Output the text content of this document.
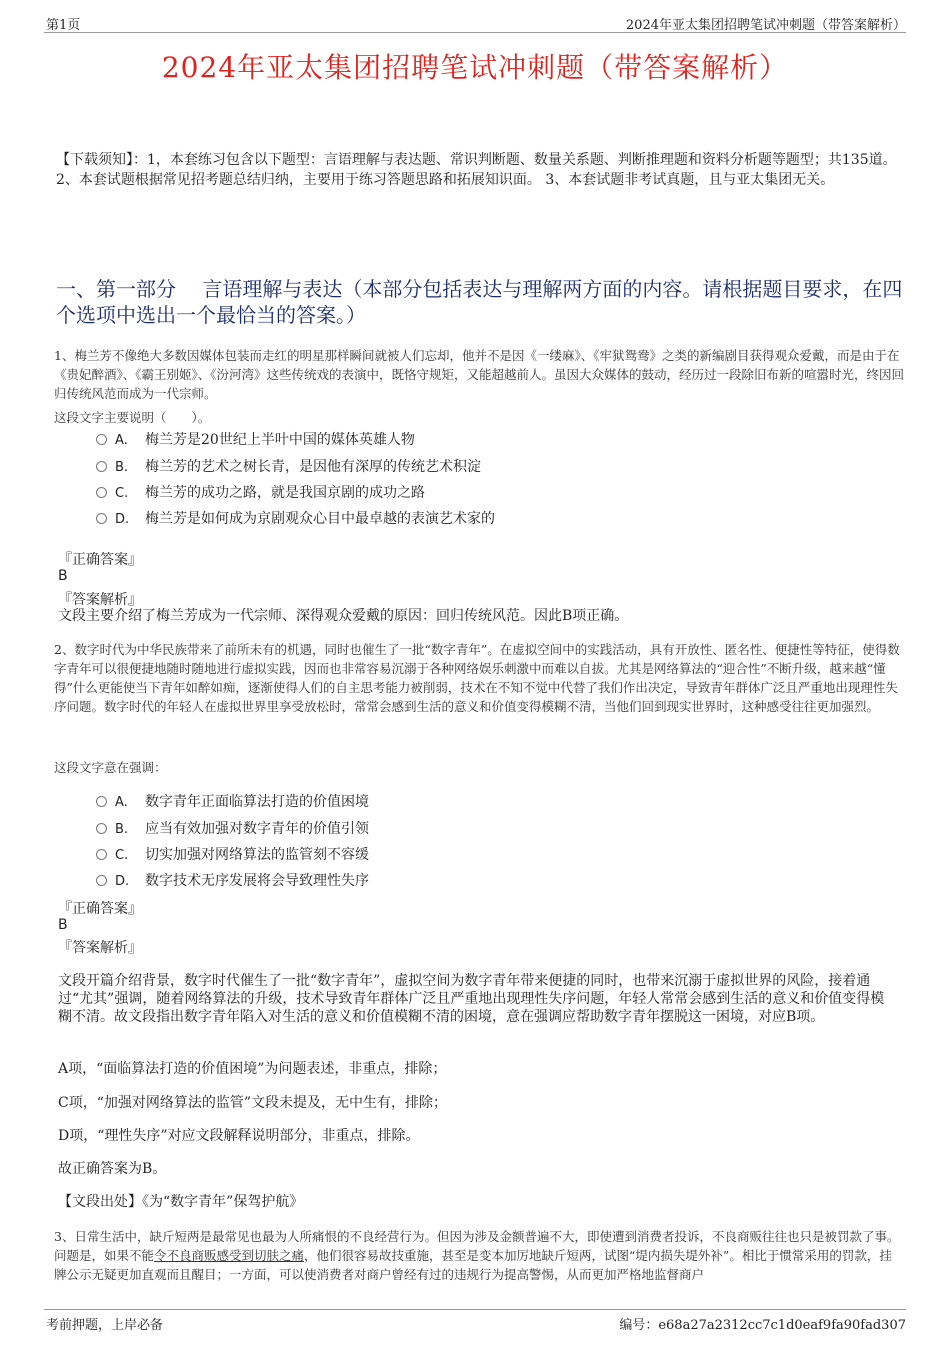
第1页	2024年亚太集团招聘笔试冲刺题（带答案解析）
2024年亚太集团招聘笔试冲刺题（带答案解析）
【下载须知】：1，本套练习包含以下题型：言语理解与表达题、常识判断题、数量关系题、判断推理题和资料分析题等题型；共135道。 2、本套试题根据常见招考题总结归纳，主要用于练习答题思路和拓展知识面。 3、本套试题非考试真题，且与亚太集团无关。
一、第一部分　 言语理解与表达（本部分包括表达与理解两方面的内容。请根据题目要求，在四个选项中选出一个最恰当的答案。）
1、梅兰芳不像绝大多数因媒体包装而走红的明星那样瞬间就被人们忘却，他并不是因《一缕麻》、《牢狱鸳鸯》之类的新编剧目获得观众爱戴，而是由于在《贵妃醉酒》、《霸王别姬》、《汾河湾》这些传统戏的表演中，既恪守规矩，又能超越前人。虽因大众媒体的鼓动，经历过一段除旧布新的喧嚣时光，终因回归传统风范而成为一代宗师。
这段文字主要说明（　　）。
A. 梅兰芳是20世纪上半叶中国的媒体英雄人物
B. 梅兰芳的艺术之树长青，是因他有深厚的传统艺术积淀
C. 梅兰芳的成功之路，就是我国京剧的成功之路
D. 梅兰芳是如何成为京剧观众心目中最卓越的表演艺术家的
『正确答案』
B
『答案解析』
文段主要介绍了梅兰芳成为一代宗师、深得观众爱戴的原因：回归传统风范。因此B项正确。
2、数字时代为中华民族带来了前所未有的机遇，同时也催生了一批“数字青年”。在虚拟空间中的实践活动，具有开放性、匿名性、便捷性等特征，使得数字青年可以很便捷地随时随地进行虚拟实践，因而也非常容易沉溺于各种网络娱乐刺激中而难以自拔。尤其是网络算法的“迎合性”不断升级，越来越“懂得”什么更能使当下青年如醉如痴，逐渐使得人们的自主思考能力被削弱，技术在不知不觉中代替了我们作出决定，导致青年群体广泛且严重地出现理性失序问题。数字时代的年轻人在虚拟世界里享受放松时，常常会感到生活的意义和价值变得模糊不清，当他们回到现实世界时，这种感受往往更加强烈。
这段文字意在强调：
A. 数字青年正面临算法打造的价值困境
B. 应当有效加强对数字青年的价值引领
C. 切实加强对网络算法的监管刻不容缓
D. 数字技术无序发展将会导致理性失序
『正确答案』
B
『答案解析』
文段开篇介绍背景，数字时代催生了一批“数字青年”，虚拟空间为数字青年带来便捷的同时，也带来沉溺于虚拟世界的风险，接着通过“尤其”强调，随着网络算法的升级，技术导致青年群体广泛且严重地出现理性失序问题，年轻人常常会感到生活的意义和价值变得模糊不清。故文段指出数字青年陷入对生活的意义和价值模糊不清的困境，意在强调应帮助数字青年摆脱这一困境，对应B项。
A项，“面临算法打造的价值困境”为问题表述，非重点，排除；
C项，“加强对网络算法的监管”文段未提及，无中生有，排除；
D项，“理性失序”对应文段解释说明部分，非重点，排除。
故正确答案为B。
【文段出处】《为“数字青年”保驾护航》
3、日常生活中，缺斤短两是最常见也最为人所痛恨的不良经营行为。但因为涉及金额普遍不大，即使遭到消费者投诉，不良商贩往往也只是被罚款了事。问题是，如果不能令不良商贩感受到切肤之痛，他们很容易故技重施，甚至是变本加厉地缺斤短两，试图“堤内损失堤外补”。相比于惯常采用的罚款，挂牌公示无疑更加直观而且醒目；一方面，可以使消费者对商户曾经有过的违规行为提高警惕，从而更加严格地监督商户
考前押题，上岸必备	编号：e68a27a2312cc7c1d0eaf9fa90fad307
